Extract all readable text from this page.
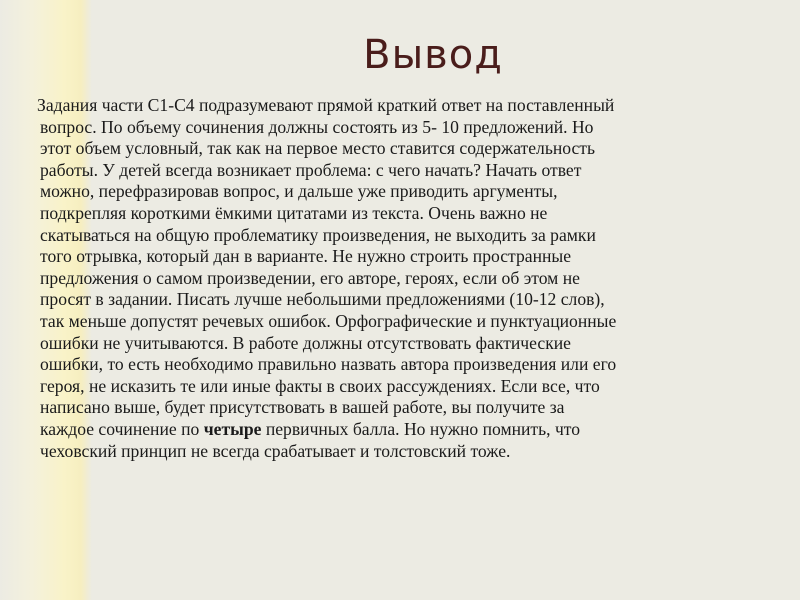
Вывод
Задания части С1-С4 подразумевают прямой краткий ответ на поставленный
вопрос. По объему сочинения должны состоять из 5- 10 предложений. Но
этот объем условный, так как на первое место ставится содержательность
работы. У детей всегда возникает проблема: с чего начать? Начать ответ
можно, перефразировав вопрос, и дальше уже приводить аргументы,
подкрепляя короткими ёмкими цитатами из текста. Очень важно не
скатываться на общую проблематику произведения, не выходить за рамки
того отрывка, который дан в варианте. Не нужно строить пространные
предложения о самом произведении, его авторе, героях, если об этом не
просят в задании. Писать лучше небольшими предложениями (10-12 слов),
так меньше допустят речевых ошибок. Орфографические и пунктуационные
ошибки не учитываются. В работе должны отсутствовать фактические
ошибки, то есть необходимо правильно назвать автора произведения или его
героя, не исказить те или иные факты в своих рассуждениях. Если все, что
написано выше, будет присутствовать в вашей работе, вы получите за
каждое сочинение по четыре первичных балла. Но нужно помнить, что
чеховский принцип не всегда срабатывает и толстовский тоже.
